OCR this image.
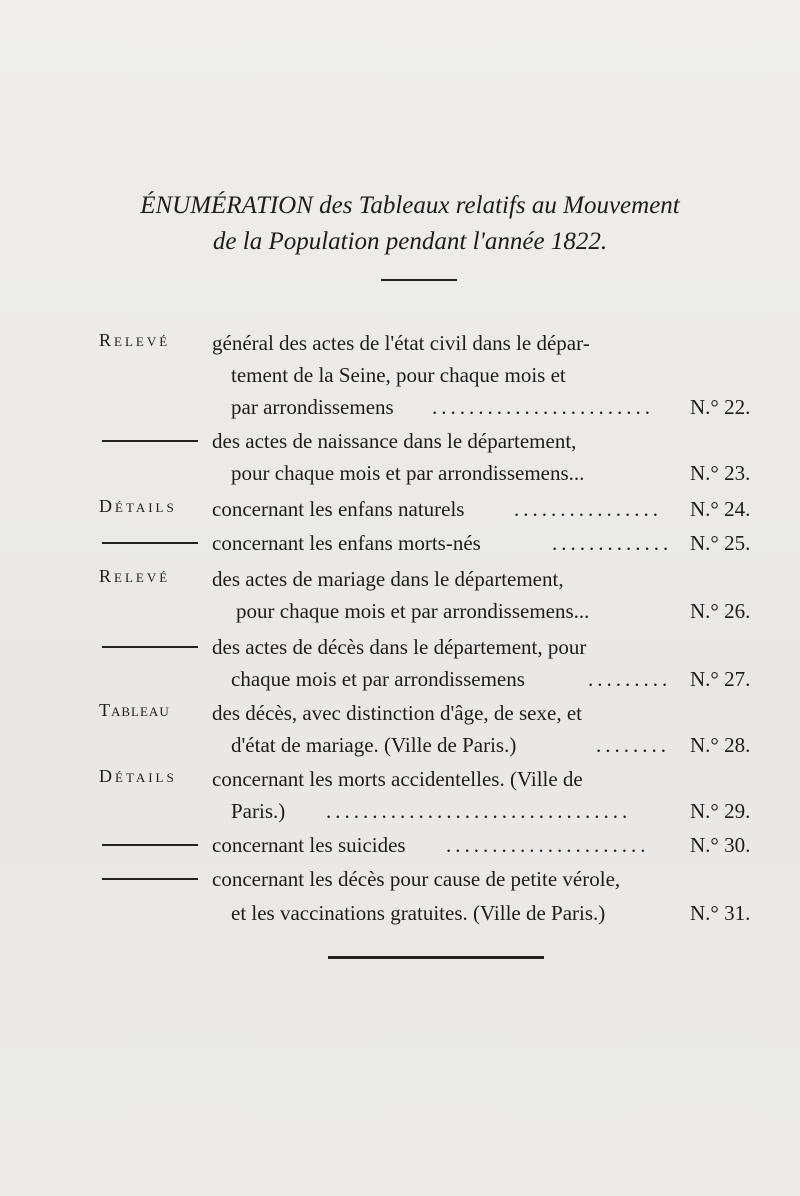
ÉNUMÉRATION des Tableaux relatifs au Mouvement
de la Population pendant l'année 1822.
Relevé	général des actes de l'état civil dans le dépar-
tement de la Seine, pour chaque mois et
par arrondissemens ........................	N.° 22.
des actes de naissance dans le département,
pour chaque mois et par arrondissemens...	N.° 23.
Détails	concernant les enfans naturels ................	N.° 24.
concernant les enfans morts-nés	............. N.° 25.
Relevé	des actes de mariage dans le département,
pour chaque mois et par arrondissemens...	N.° 26.
des actes de décès dans le département, pour
chaque mois et par arrondissemens	......... N.° 27.
Tableau	des décès, avec distinction d'âge, de sexe, et
d'état de mariage. (Ville de Paris.)	........ N.° 28.
Détails	concernant les morts accidentelles. (Ville de
Paris.) .................................	N.° 29.
concernant les suicides ......................	N.° 30.
concernant les décès pour cause de petite vérole,
et les vaccinations gratuites. (Ville de Paris.)	N.° 31.
